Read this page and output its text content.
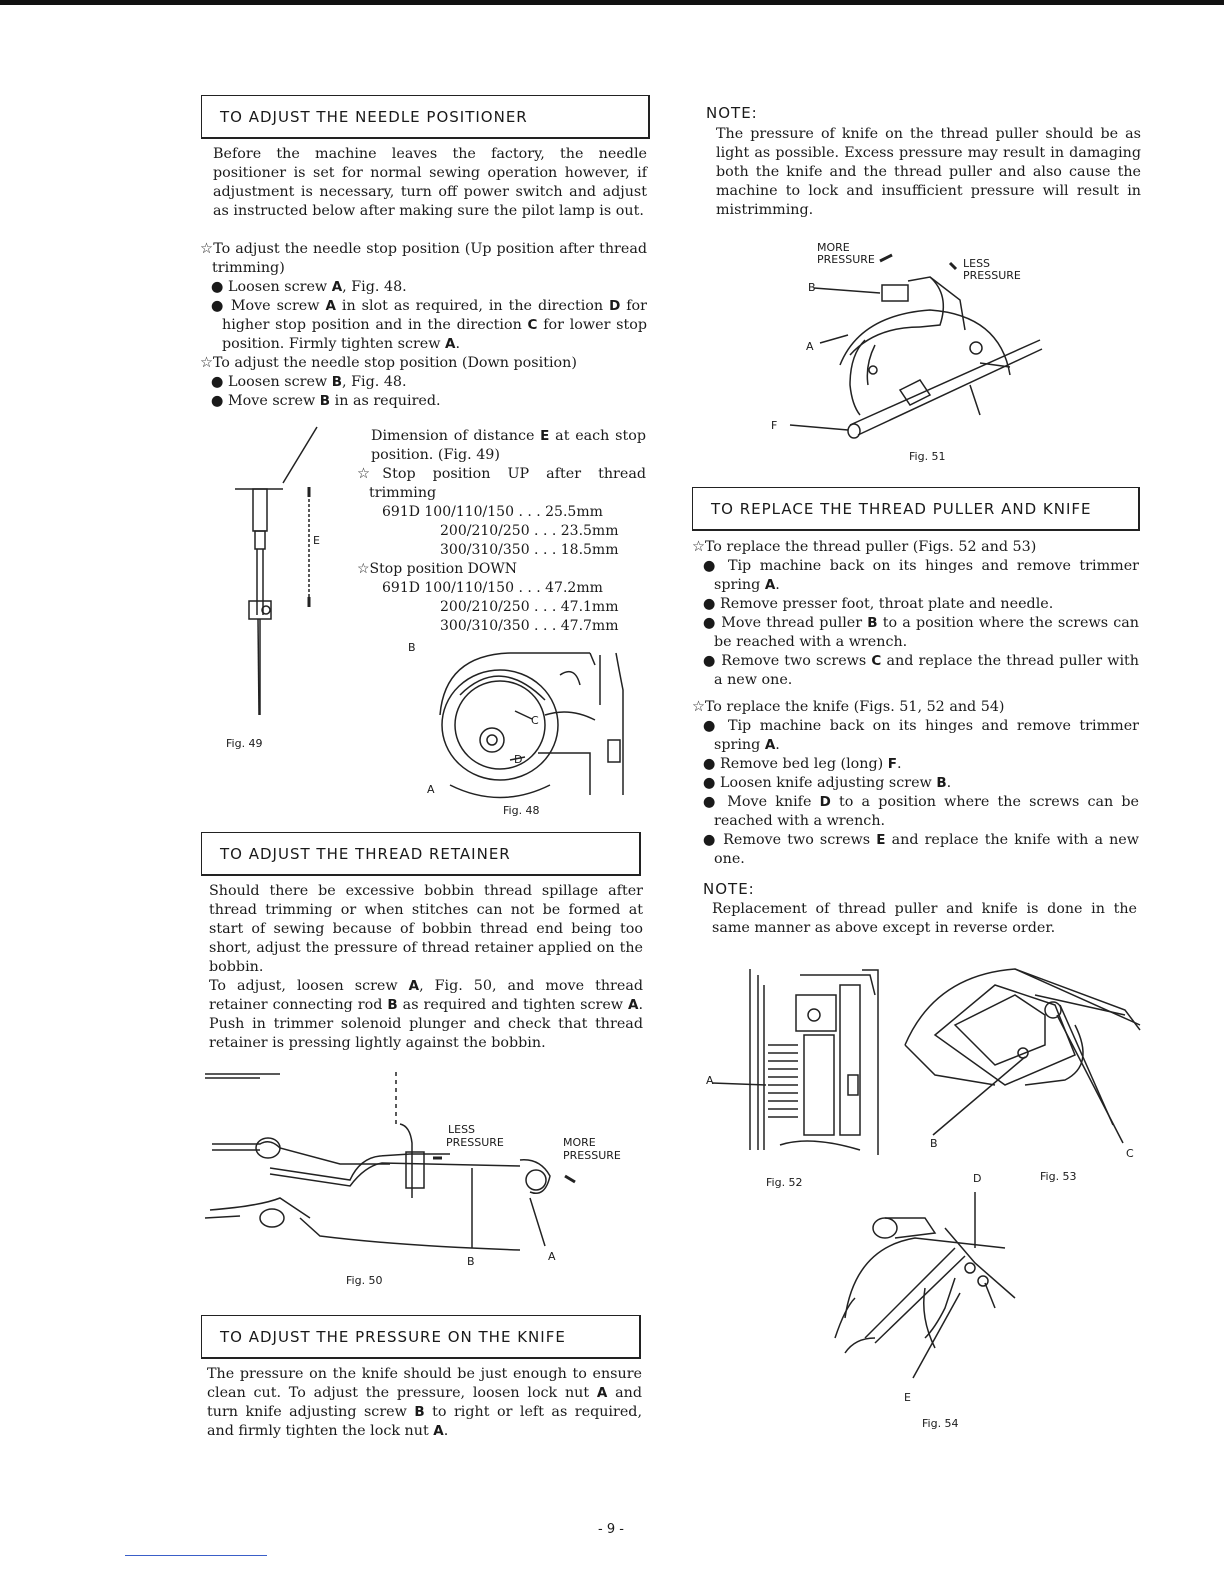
TO ADJUST THE NEEDLE POSITIONER

Before the machine leaves the factory, the needle positioner is set for normal sewing operation however, if adjustment is necessary, turn off power switch and adjust as instructed below after making sure the pilot lamp is out.

☆To adjust the needle stop position (Up position after thread trimming)

● Loosen screw A, Fig. 48.

● Move screw A in slot as required, in the direction D for higher stop position and in the direction C for lower stop position. Firmly tighten screw A.

☆To adjust the needle stop position (Down position)

● Loosen screw B, Fig. 48.

● Move screw B in as required.

Dimension of distance E at each stop position. (Fig. 49)

☆Stop position UP after thread trimming

691D 100/110/150 . . . 25.5mm
200/210/250 . . . 23.5mm
300/310/350 . . . 18.5mm
☆Stop position DOWN
691D 100/110/150 . . . 47.2mm
200/210/250 . . . 47.1mm
300/310/350 . . . 47.7mm
E
Fig. 49
B
C
D
A
Fig. 48
TO ADJUST THE THREAD RETAINER

Should there be excessive bobbin thread spillage after thread trimming or when stitches can not be formed at start of sewing because of bobbin thread end being too short, adjust the pressure of thread retainer applied on the bobbin.

To adjust, loosen screw A, Fig. 50, and move thread retainer connecting rod B as required and tighten screw A. Push in trimmer solenoid plunger and check that thread retainer is pressing lightly against the bobbin.

LESS
PRESSURE	MORE
PRESSURE
B	A
Fig. 50
TO ADJUST THE PRESSURE ON THE KNIFE

The pressure on the knife should be just enough to ensure clean cut. To adjust the pressure, loosen lock nut A and turn knife adjusting screw B to right or left as required, and firmly tighten the lock nut A.

NOTE:

The pressure of knife on the thread puller should be as light as possible. Excess pressure may result in damaging both the knife and the thread puller and also cause the machine to lock and insufficient pressure will result in mistrimming.

MORE
PRESSURE	LESS
PRESSURE
B
A
F
Fig. 51
TO REPLACE THE THREAD PULLER AND KNIFE

☆To replace the thread puller (Figs. 52 and 53)

● Tip machine back on its hinges and remove trimmer spring A.

● Remove presser foot, throat plate and needle.

● Move thread puller B to a position where the screws can be reached with a wrench.

● Remove two screws C and replace the thread puller with a new one.

☆To replace the knife (Figs. 51, 52 and 54)

● Tip machine back on its hinges and remove trimmer spring A.

● Remove bed leg (long) F.

● Loosen knife adjusting screw B.

● Move knife D to a position where the screws can be reached with a wrench.

● Remove two screws E and replace the knife with a new one.

NOTE:

Replacement of thread puller and knife is done in the same manner as above except in reverse order.

A
Fig. 52
B
C
Fig. 53
D
E
Fig. 54
- 9 -
